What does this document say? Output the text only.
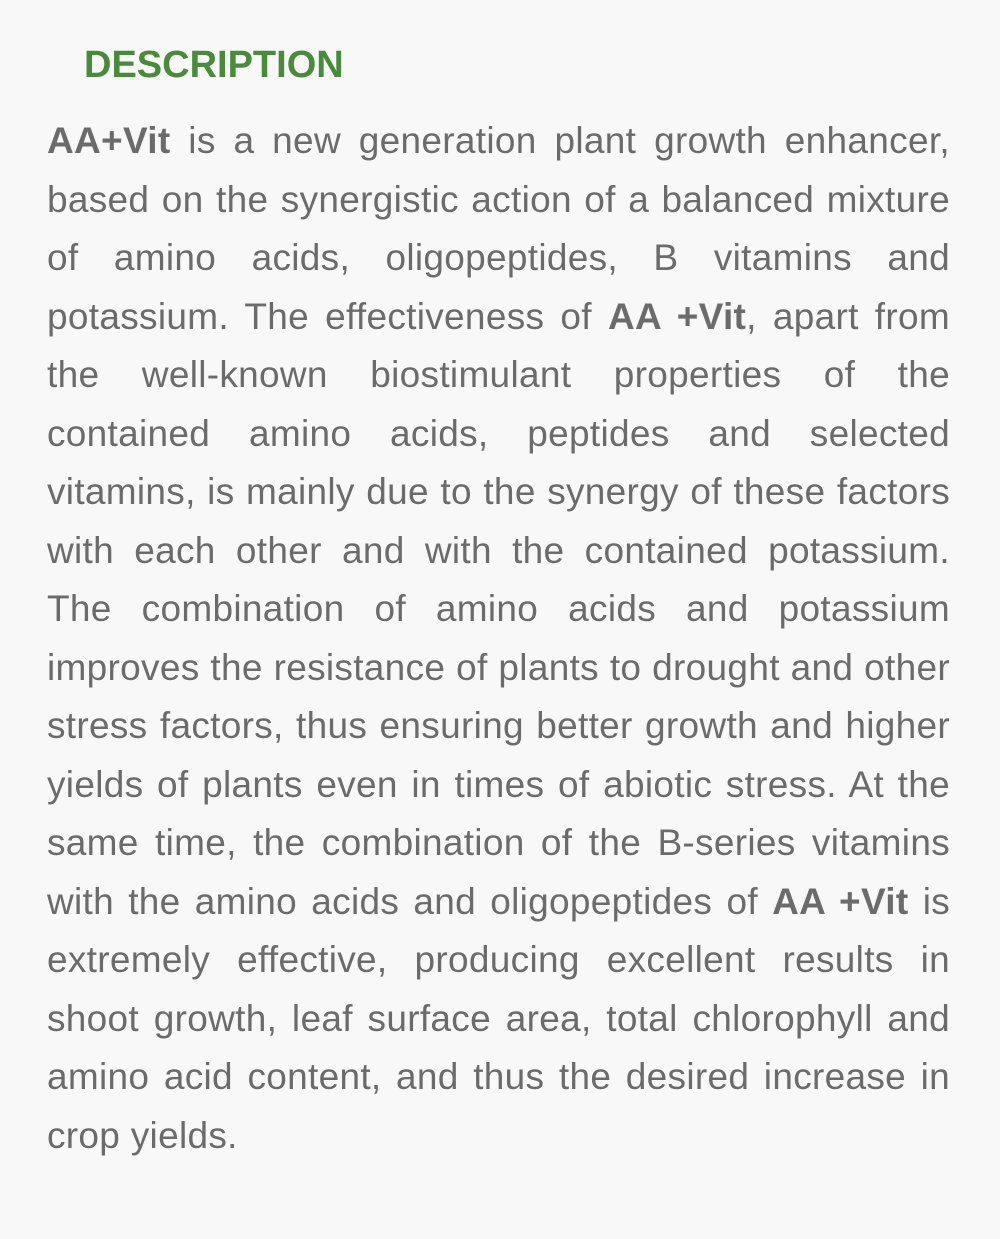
DESCRIPTION

AA+Vit is a new generation plant growth enhancer, based on the synergistic action of a balanced mixture of amino acids, oligopeptides, B vitamins and potassium. The effectiveness of AA +Vit, apart from the well-known biostimulant properties of the contained amino acids, peptides and selected vitamins, is mainly due to the synergy of these factors with each other and with the contained potassium. The combination of amino acids and potassium improves the resistance of plants to drought and other stress factors, thus ensuring better growth and higher yields of plants even in times of abiotic stress. At the same time, the combination of the B-series vitamins with the amino acids and oligopeptides of AA +Vit is extremely effective, producing excellent results in shoot growth, leaf surface area, total chlorophyll and amino acid content, and thus the desired increase in crop yields.
